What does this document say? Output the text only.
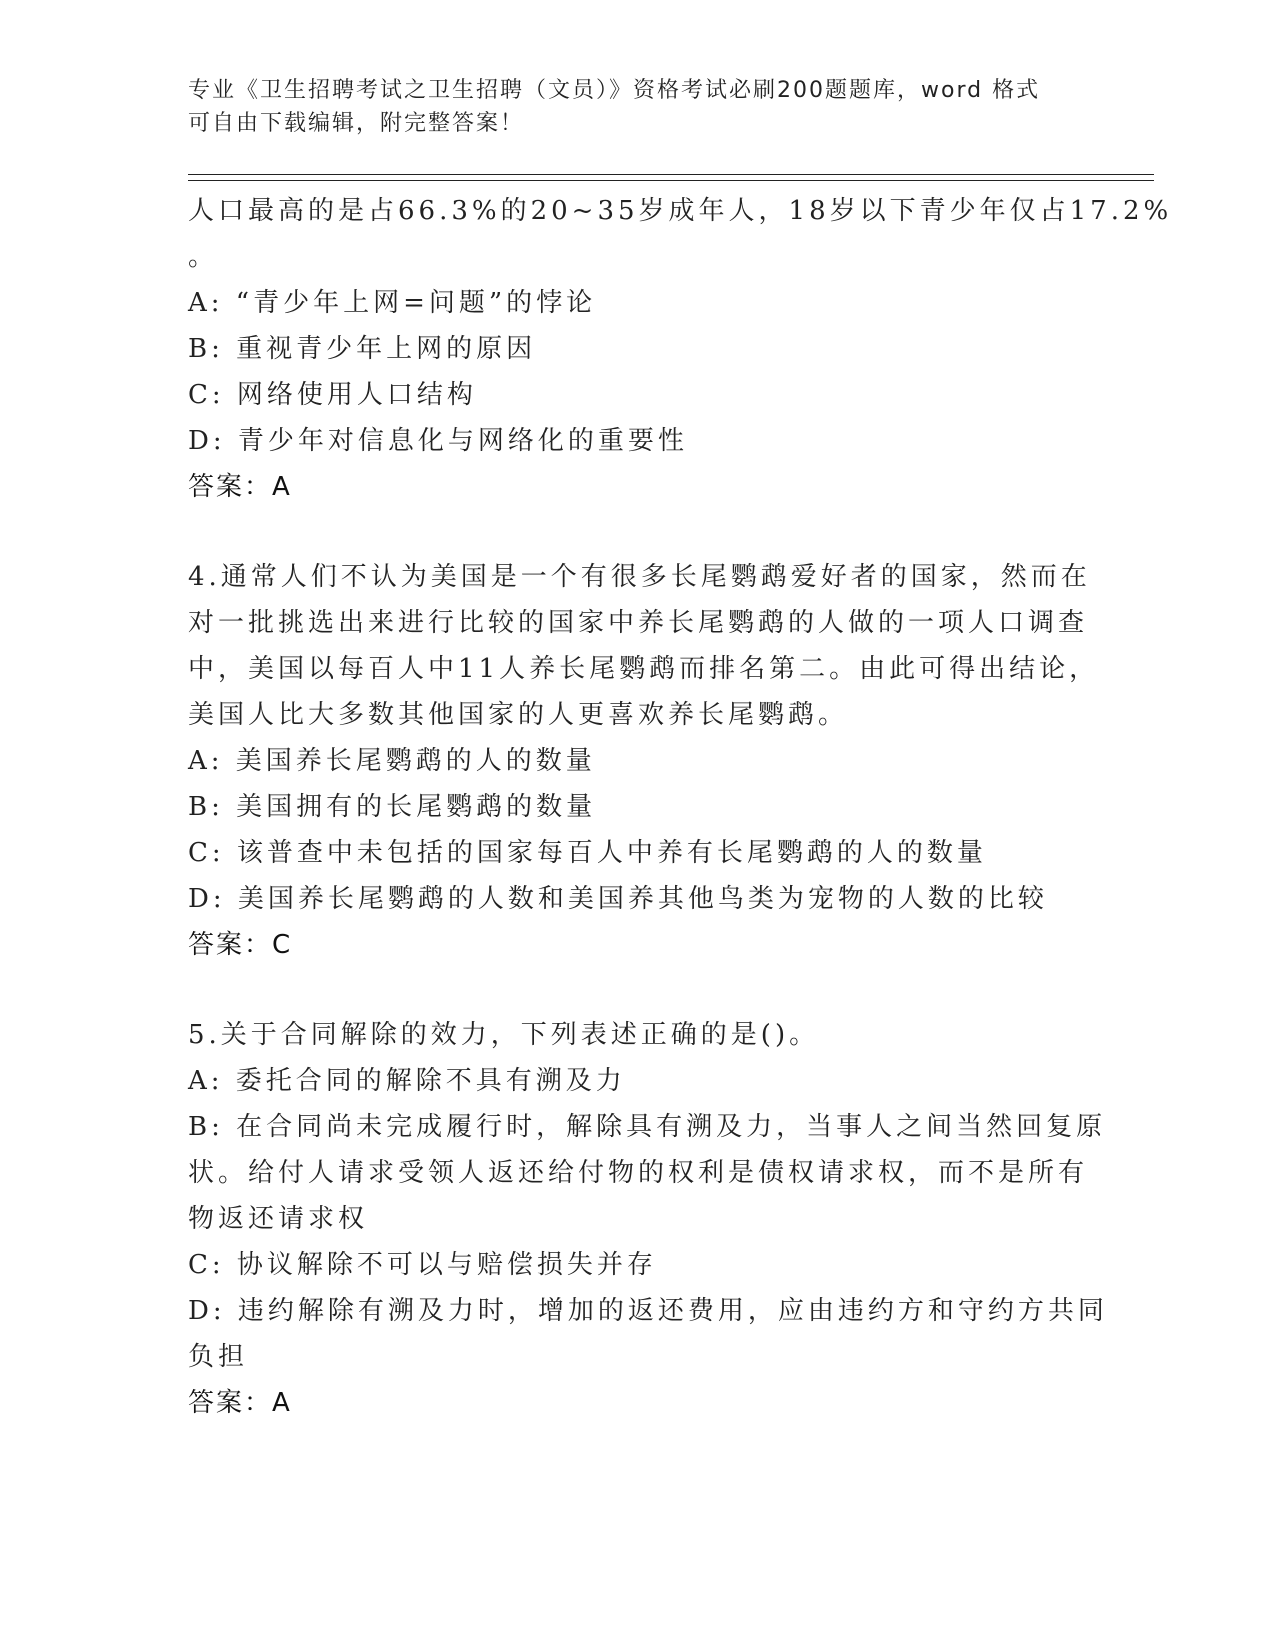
专业《卫生招聘考试之卫生招聘（文员）》资格考试必刷200题题库，word 格式
可自由下载编辑，附完整答案！
人口最高的是占66.3%的20~35岁成年人，18岁以下青少年仅占17.2%
。
A: “青少年上网=问题”的悖论
B: 重视青少年上网的原因
C: 网络使用人口结构
D: 青少年对信息化与网络化的重要性
答案：A
4.通常人们不认为美国是一个有很多长尾鹦鹉爱好者的国家，然而在
对一批挑选出来进行比较的国家中养长尾鹦鹉的人做的一项人口调查
中，美国以每百人中11人养长尾鹦鹉而排名第二。由此可得出结论，
美国人比大多数其他国家的人更喜欢养长尾鹦鹉。
A: 美国养长尾鹦鹉的人的数量
B: 美国拥有的长尾鹦鹉的数量
C: 该普查中未包括的国家每百人中养有长尾鹦鹉的人的数量
D: 美国养长尾鹦鹉的人数和美国养其他鸟类为宠物的人数的比较
答案：C
5.关于合同解除的效力，下列表述正确的是()。
A: 委托合同的解除不具有溯及力
B: 在合同尚未完成履行时，解除具有溯及力，当事人之间当然回复原
状。给付人请求受领人返还给付物的权利是债权请求权，而不是所有
物返还请求权
C: 协议解除不可以与赔偿损失并存
D: 违约解除有溯及力时，增加的返还费用，应由违约方和守约方共同
负担
答案：A
